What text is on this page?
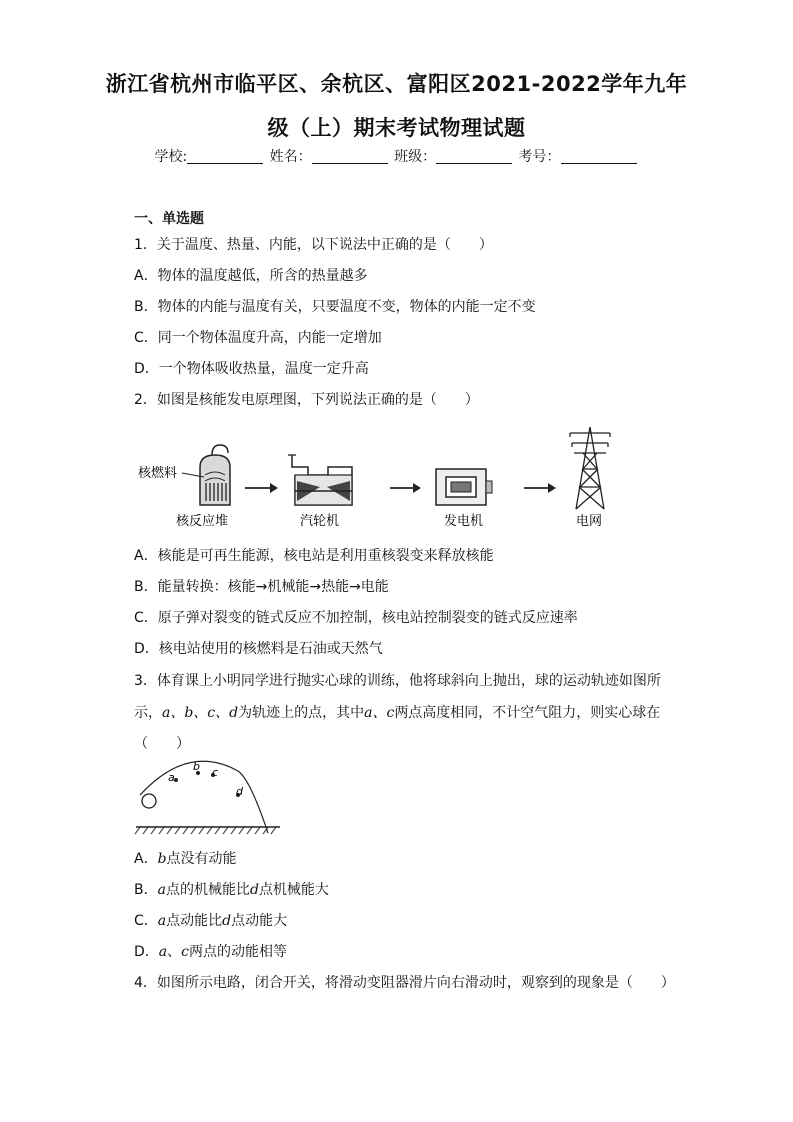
浙江省杭州市临平区、余杭区、富阳区2021-2022学年九年
级（上）期末考试物理试题
学校:	姓名：	班级：	考号：
一、单选题
1．关于温度、热量、内能，以下说法中正确的是（　　）
A．物体的温度越低，所含的热量越多
B．物体的内能与温度有关，只要温度不变，物体的内能一定不变
C．同一个物体温度升高，内能一定增加
D．一个物体吸收热量，温度一定升高
2．如图是核能发电原理图，下列说法正确的是（　　）
核燃料
核反应堆	汽轮机	发电机	电网
A．核能是可再生能源，核电站是利用重核裂变来释放核能
B．能量转换：核能→机械能→热能→电能
C．原子弹对裂变的链式反应不加控制，核电站控制裂变的链式反应速率
D．核电站使用的核燃料是石油或天然气
3．体育课上小明同学进行抛实心球的训练，他将球斜向上抛出，球的运动轨迹如图所
示，a、b、c、d为轨迹上的点，其中a、c两点高度相同，不计空气阻力，则实心球在
（　　）
a
b c
d
A．b点没有动能
B．a点的机械能比d点机械能大
C．a点动能比d点动能大
D．a、c两点的动能相等
4．如图所示电路，闭合开关，将滑动变阻器滑片向右滑动时，观察到的现象是（　　）
